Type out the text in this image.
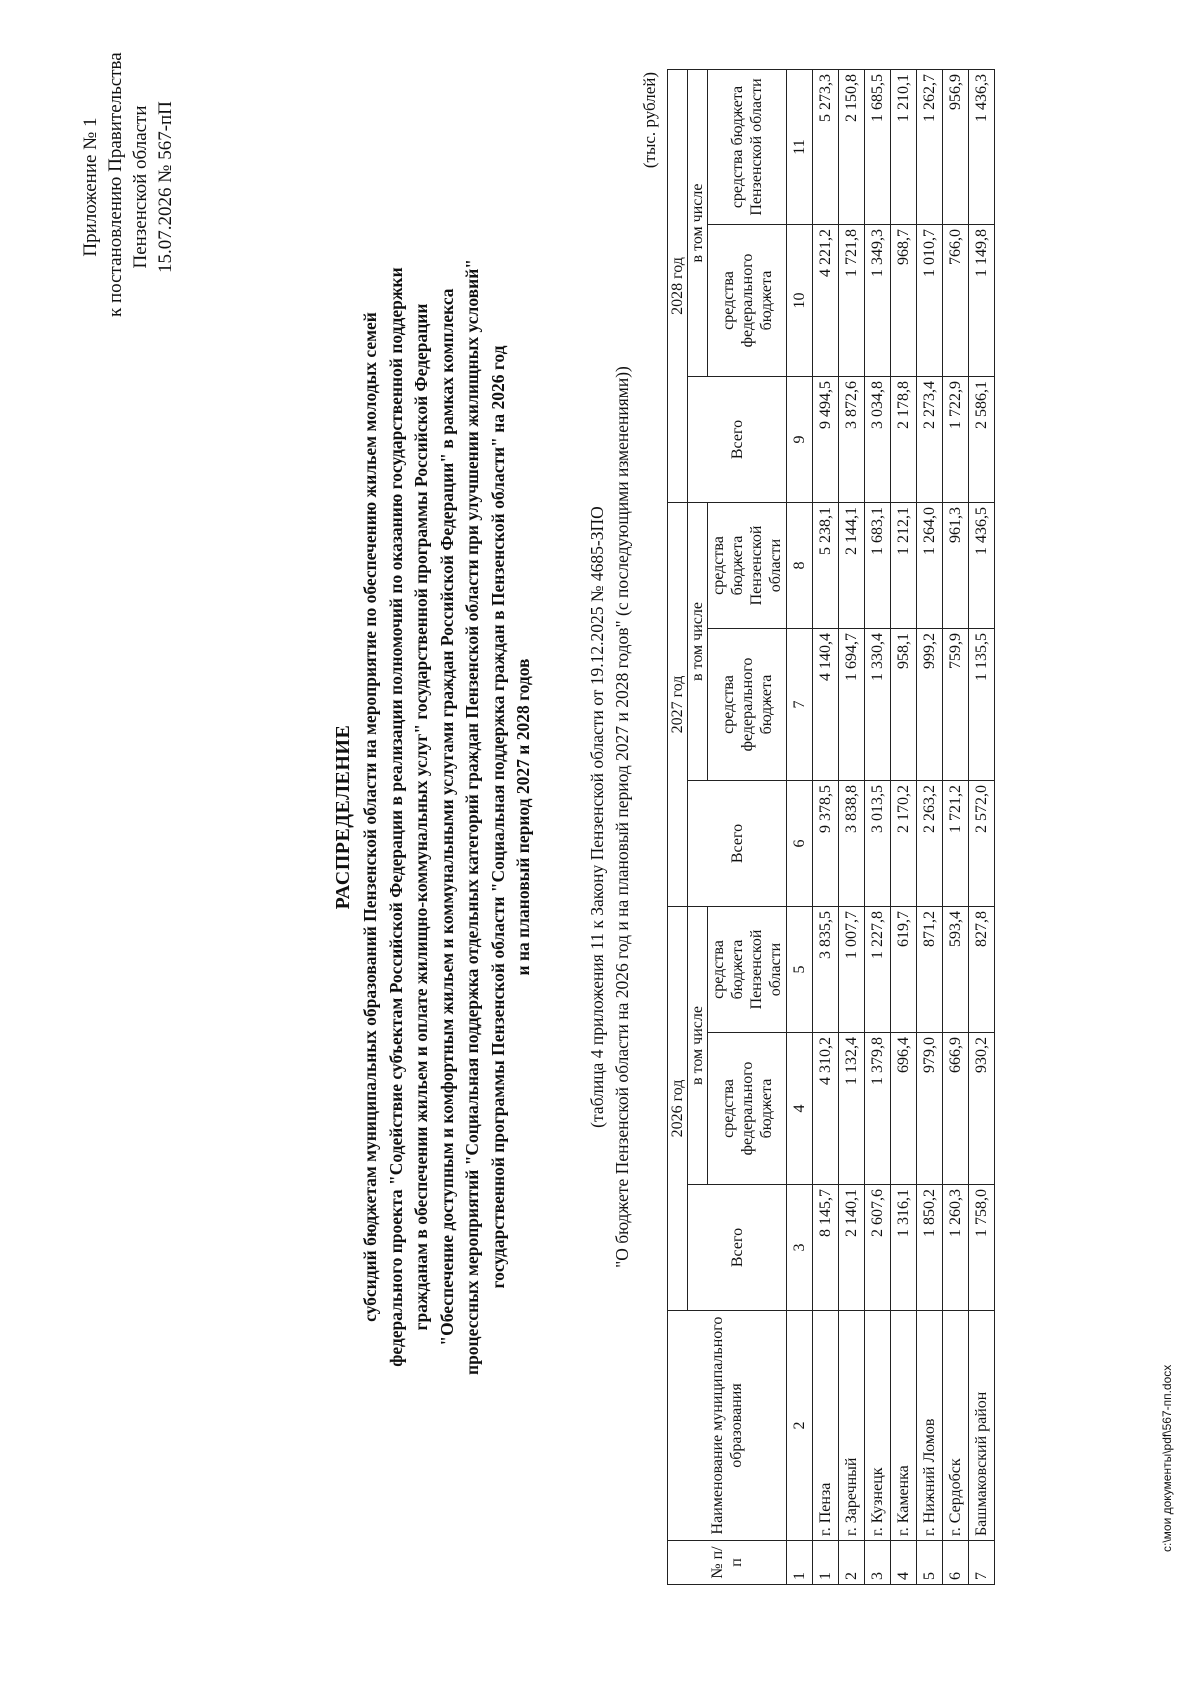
Приложение № 1 к постановлению Правительства Пензенской области 15.07.2026 № 567-пП
РАСПРЕДЕЛЕНИЕ субсидий бюджетам муниципальных образований Пензенской области на мероприятие по обеспечению жильем молодых семей федерального проекта "Содействие субъектам Российской Федерации в реализации полномочий по оказанию государственной поддержки гражданам в обеспечении жильем и оплате жилищно-коммунальных услуг" государственной программы Российской Федерации "Обеспечение доступным и комфортным жильем и коммунальными услугами граждан Российской Федерации" в рамках комплекса процессных мероприятий "Социальная поддержка отдельных категорий граждан Пензенской области при улучшении жилищных условий" государственной программы Пензенской области "Социальная поддержка граждан в Пензенской области" на 2026 год и на плановый период 2027 и 2028 годов	(таблица 4 приложения 11 к Закону Пензенской области от 19.12.2025 № 4685-ЗПО "О бюджете Пензенской области на 2026 год и на плановый период 2027 и 2028 годов" (с последующими изменениями))
(тыс. рублей)
№ п/п	Наименование муниципального образования	2026 год			2027 год			2028 год		
		Всего	в том числе		Всего	в том числе		Всего	в том числе	
			средства федерального бюджета	средства бюджета Пензенской области		средства федерального бюджета	средства бюджета Пензенской области		средства федерального бюджета	средства бюджета Пензенской области
1	2	3	4	5	6	7	8	9	10	11
1	г. Пенза	8 145,7	4 310,2	3 835,5	9 378,5	4 140,4	5 238,1	9 494,5	4 221,2	5 273,3
2	г. Заречный	2 140,1	1 132,4	1 007,7	3 838,8	1 694,7	2 144,1	3 872,6	1 721,8	2 150,8
3	г. Кузнецк	2 607,6	1 379,8	1 227,8	3 013,5	1 330,4	1 683,1	3 034,8	1 349,3	1 685,5
4	г. Каменка	1 316,1	696,4	619,7	2 170,2	958,1	1 212,1	2 178,8	968,7	1 210,1
5	г. Нижний Ломов	1 850,2	979,0	871,2	2 263,2	999,2	1 264,0	2 273,4	1 010,7	1 262,7
6	г. Сердобск	1 260,3	666,9	593,4	1 721,2	759,9	961,3	1 722,9	766,0	956,9
7	Башмаковский район	1 758,0	930,2	827,8	2 572,0	1 135,5	1 436,5	2 586,1	1 149,8	1 436,3
c:\мои документы\pdf\567-пп.docx
